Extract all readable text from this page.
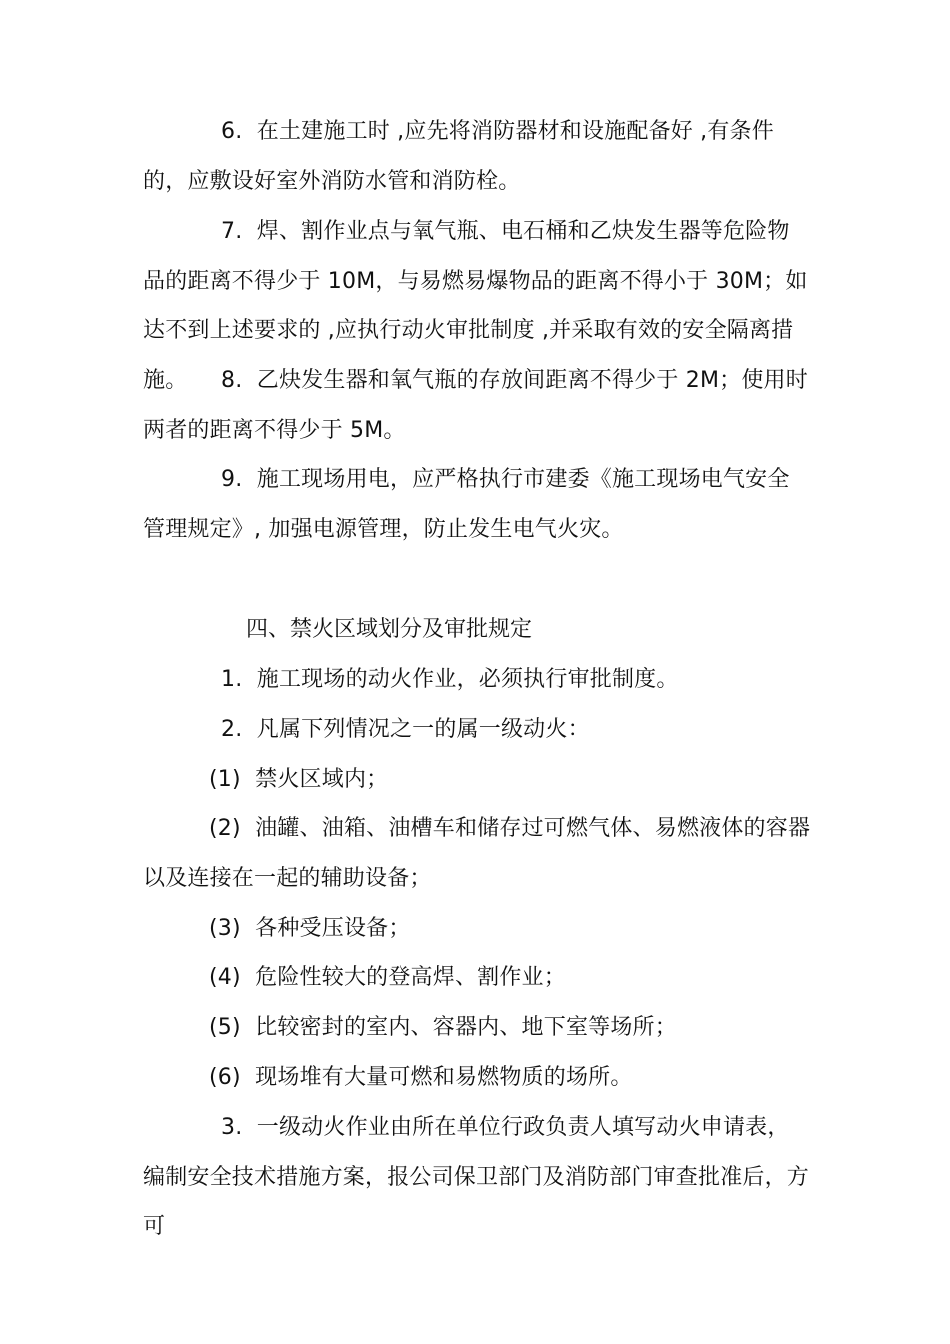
6.  在土建施工时 ,应先将消防器材和设施配备好 ,有条件的，应敷设好室外消防水管和消防栓。

7.  焊、割作业点与氧气瓶、电石桶和乙炔发生器等危险物品的距离不得少于 10M，与易燃易爆物品的距离不得小于 30M；如达不到上述要求的 ,应执行动火审批制度 ,并采取有效的安全隔离措施。	8.  乙炔发生器和氧气瓶的存放间距离不得少于 2M；使用时两者的距离不得少于 5M。

9.  施工现场用电，应严格执行市建委《施工现场电气安全管理规定》, 加强电源管理，防止发生电气火灾。

四、禁火区域划分及审批规定

1.  施工现场的动火作业，必须执行审批制度。

2.  凡属下列情况之一的属一级动火：

(1)  禁火区域内；

(2)  油罐、油箱、油槽车和储存过可燃气体、易燃液体的容器以及连接在一起的辅助设备；

(3)  各种受压设备；

(4)  危险性较大的登高焊、割作业；

(5)  比较密封的室内、容器内、地下室等场所；

(6)  现场堆有大量可燃和易燃物质的场所。

3.  一级动火作业由所在单位行政负责人填写动火申请表，编制安全技术措施方案，报公司保卫部门及消防部门审查批准后，方可
